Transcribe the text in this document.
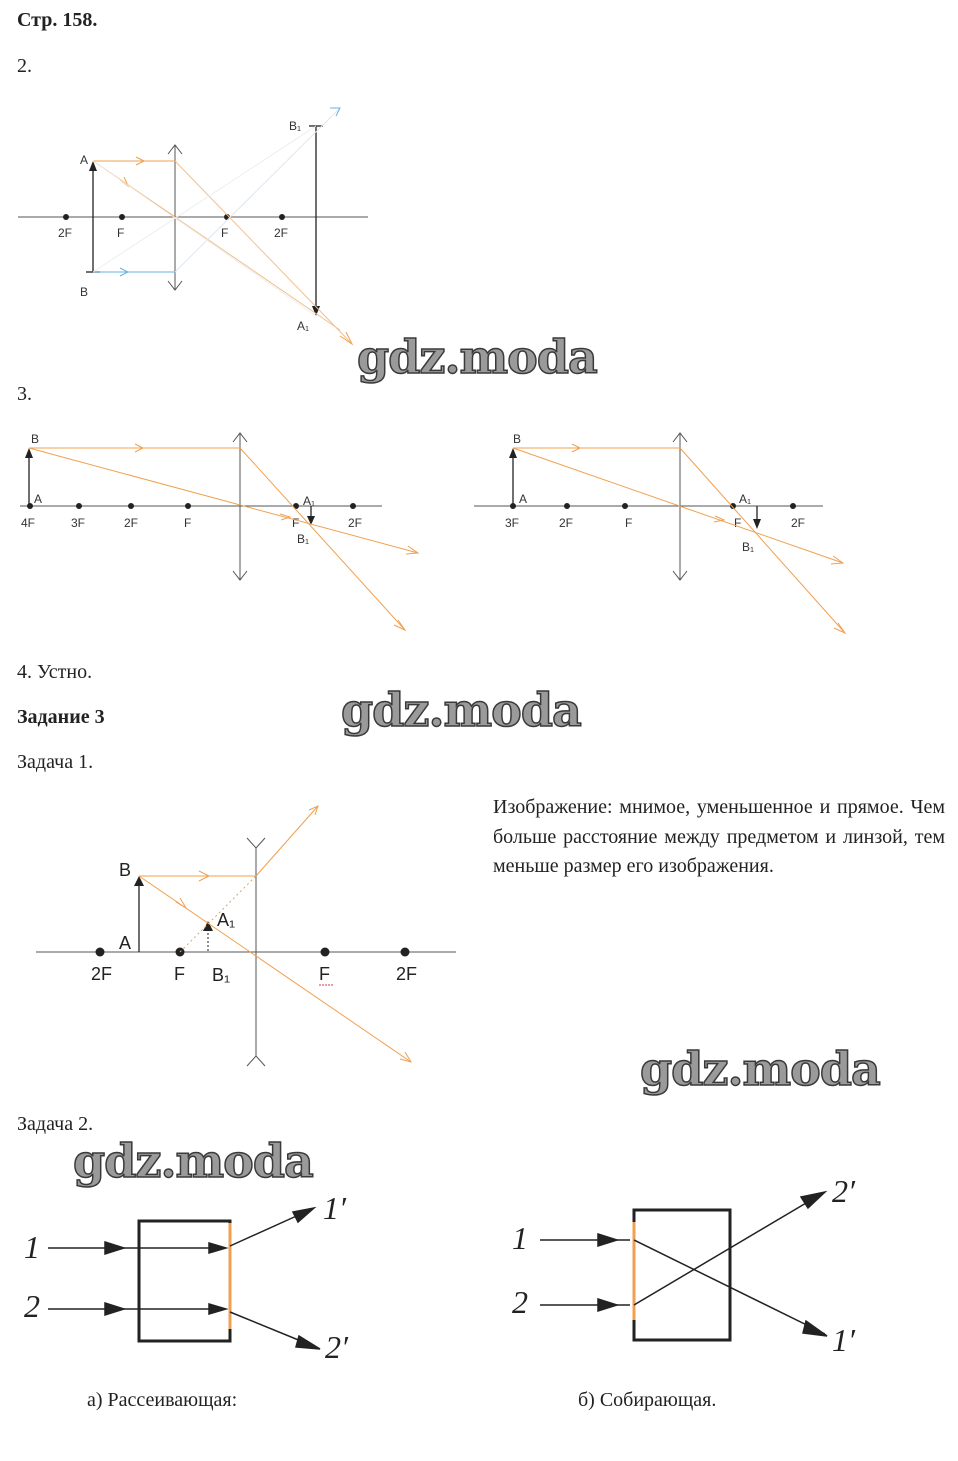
Стр. 158.
2.
3.
4. Устно.
Задание 3
Задача 1.
Изображение: мнимое, уменьшенное и прямое. Чем больше расстояние между предметом и линзой, тем меньше размер его изображения.
Задача 2.
а) Рассеивающая:	б) Собирающая.
gdz.moda
gdz.moda
gdz.moda
gdz.moda
2F	F	F	2F
A
B
B₁
A₁
4F	3F	2F	F	F	2F
B
A	A₁
B₁
3F	2F	F	F	2F
B
A	A₁
B₁
2F	F B₁	F	2F
B
A
A₁
1
2
1′
2′
1
2
2′
1′
